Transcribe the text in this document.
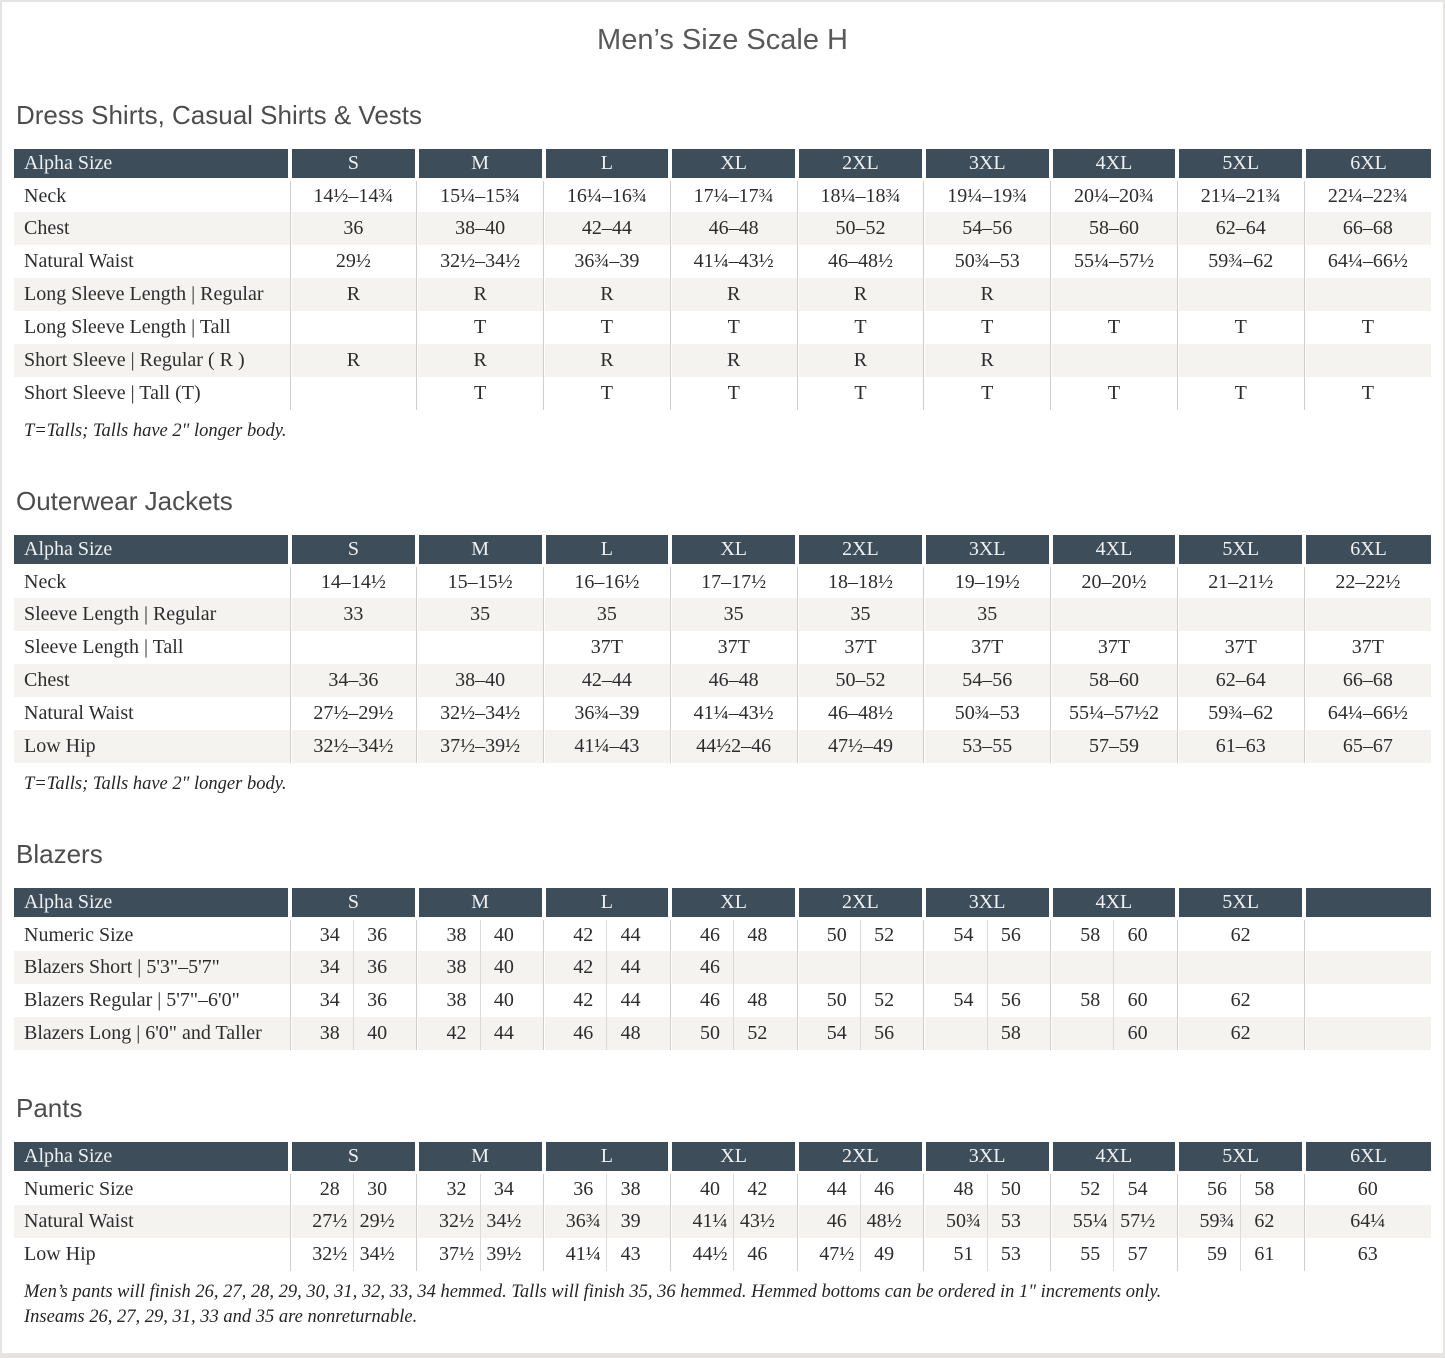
Men’s Size Scale H
Dress Shirts, Casual Shirts & Vests
Alpha Size	S	M	L	XL	2XL	3XL	4XL	5XL	6XL
Neck	14½–14¾	15¼–15¾	16¼–16¾	17¼–17¾	18¼–18¾	19¼–19¾	20¼–20¾	21¼–21¾	22¼–22¾
Chest	36	38–40	42–44	46–48	50–52	54–56	58–60	62–64	66–68
Natural Waist	29½	32½–34½	36¾–39	41¼–43½	46–48½	50¾–53	55¼–57½	59¾–62	64¼–66½
Long Sleeve Length | Regular	R	R	R	R	R	R			
Long Sleeve Length | Tall		T	T	T	T	T	T	T	T
Short Sleeve | Regular ( R )	R	R	R	R	R	R			
Short Sleeve | Tall (T)		T	T	T	T	T	T	T	T

T=Talls; Talls have 2" longer body.

Outerwear Jackets
Alpha Size	S	M	L	XL	2XL	3XL	4XL	5XL	6XL
Neck	14–14½	15–15½	16–16½	17–17½	18–18½	19–19½	20–20½	21–21½	22–22½
Sleeve Length | Regular	33	35	35	35	35	35			
Sleeve Length | Tall			37T	37T	37T	37T	37T	37T	37T
Chest	34–36	38–40	42–44	46–48	50–52	54–56	58–60	62–64	66–68
Natural Waist	27½–29½	32½–34½	36¾–39	41¼–43½	46–48½	50¾–53	55¼–57½2	59¾–62	64¼–66½
Low Hip	32½–34½	37½–39½	41¼–43	44½2–46	47½–49	53–55	57–59	61–63	65–67

T=Talls; Talls have 2" longer body.

Blazers
Alpha Size	S		M		L		XL		2XL		3XL		4XL		5XL	
Numeric Size	34	36	38	40	42	44	46	48	50	52	54	56	58	60	62	
Blazers Short | 5'3"–5'7"	34	36	38	40	42	44	46									
Blazers Regular | 5'7"–6'0"	34	36	38	40	42	44	46	48	50	52	54	56	58	60	62	
Blazers Long | 6'0" and Taller	38	40	42	44	46	48	50	52	54	56		58		60	62	
Pants
Alpha Size	S		M		L		XL		2XL		3XL		4XL		5XL		6XL
Numeric Size	28	30	32	34	36	38	40	42	44	46	48	50	52	54	56	58	60
Natural Waist	27½	29½	32½	34½	36¾	39	41¼	43½	46	48½	50¾	53	55¼	57½	59¾	62	64¼
Low Hip	32½	34½	37½	39½	41¼	43	44½	46	47½	49	51	53	55	57	59	61	63

Men’s pants will finish 26, 27, 28, 29, 30, 31, 32, 33, 34 hemmed. Talls will finish 35, 36 hemmed. Hemmed bottoms can be ordered in 1" increments only.

Inseams 26, 27, 29, 31, 33 and 35 are nonreturnable.
